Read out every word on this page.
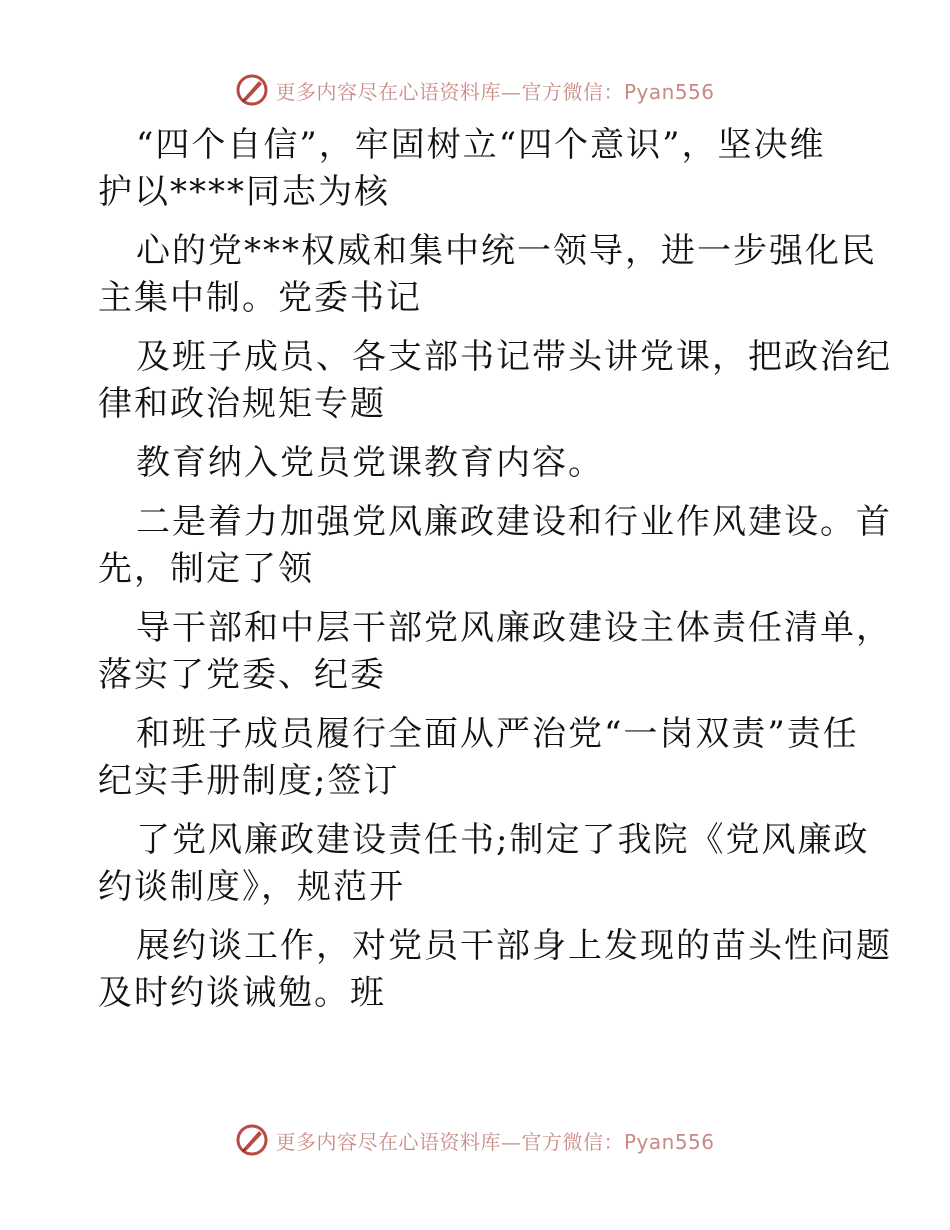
更多内容尽在心语资料库—官方微信：Pyan556
“四个自信”，牢固树立“四个意识”，坚决维
护以****同志为核
心的党***权威和集中统一领导，进一步强化民
主集中制。党委书记
及班子成员、各支部书记带头讲党课，把政治纪
律和政治规矩专题
教育纳入党员党课教育内容。
二是着力加强党风廉政建设和行业作风建设。首
先，制定了领
导干部和中层干部党风廉政建设主体责任清单，
落实了党委、纪委
和班子成员履行全面从严治党“一岗双责”责任
纪实手册制度;签订
了党风廉政建设责任书;制定了我院《党风廉政
约谈制度》，规范开
展约谈工作，对党员干部身上发现的苗头性问题
及时约谈诫勉。班
更多内容尽在心语资料库—官方微信：Pyan556
